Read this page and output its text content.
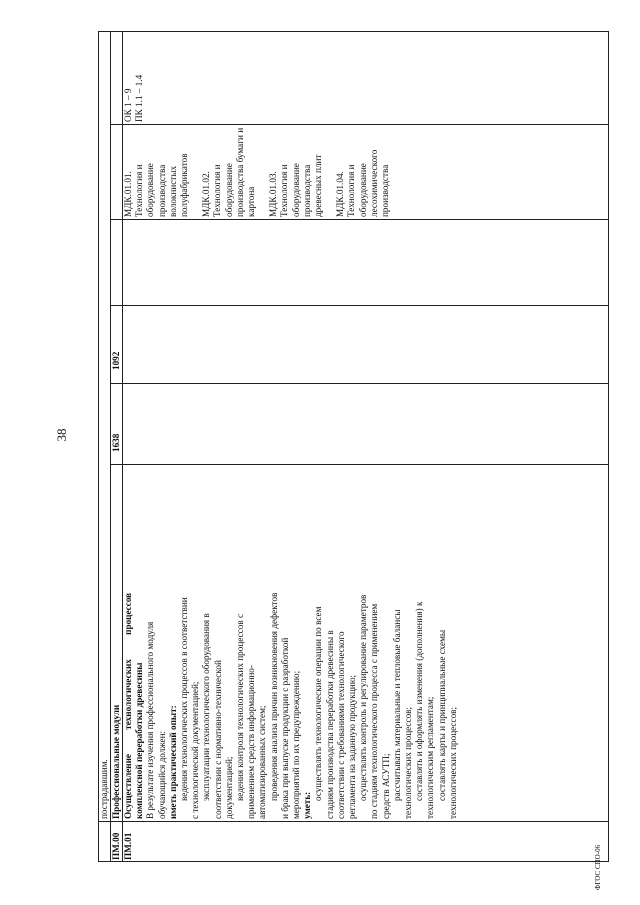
38
ФГОС СПО-06
пострадавшим.
ПМ.00
Профессиональные модули
1638
1092
ПМ.01
Осуществление технологических процессов комплексной переработки древесины В результате изучения профессионального модуля обучающийся должен: иметь практический опыт: ведения технологических процессов в соответствии с технологической документацией; эксплуатации технологического оборудования в соответствии с нормативно-технической документацией; ведения контроля технологических процессов с применением средств информационно- автоматизированных систем; проведения анализа причин возникновения дефектов и брака при выпуске продукции с разработкой мероприятий по их предупреждению; уметь:
осуществлять технологические операции по всем стадиям производства переработки древесины в соответствии с требованиями технологического регламента на заданную продукцию; осуществлять контроль и регулирование параметров по стадиям технологического процесса с применением средств АСУТП; рассчитывать материальные и тепловые балансы технологических процессов; составлять и оформлять изменения (дополнения) к технологическим регламентам; составлять карты и принципиальные схемы технологических процессов;
МДК.01.01. Технология и оборудование производства волокнистых полуфабрикатов МДК.01.02. Технология и оборудование производства бумаги и картона МДК.01.03. Технология и оборудование производства древесных плит МДК.01.04. Технология и оборудование лесохимического производства
ОК 1 – 9 ПК 1.1 – 1.4
